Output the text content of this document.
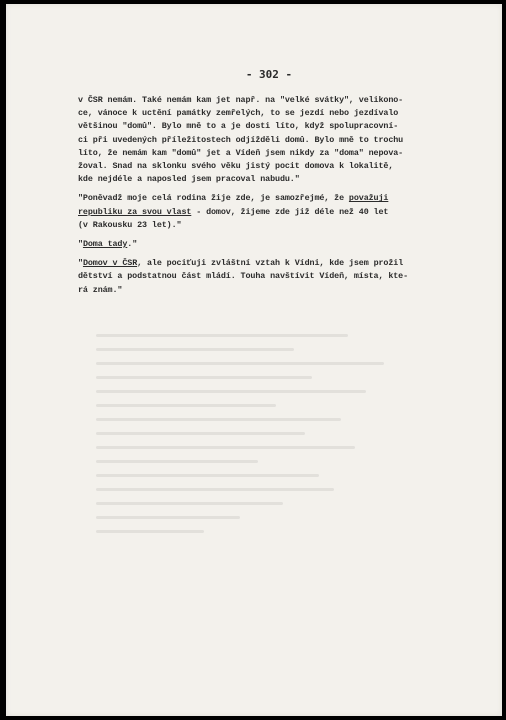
- 302 -
v ČSR nemám. Také nemám kam jet např. na "velké svátky", velikono-
ce, vánoce k uctění památky zemřelých, to se jezdí nebo jezdívalo
většinou "domů". Bylo mně to a je dosti líto, když spolupracovní-
ci při uvedených příležitostech odjížděli domů. Bylo mně to trochu
líto, že nemám kam "domů" jet a Vídeň jsem nikdy za "doma" nepova-
žoval. Snad na sklonku svého věku jistý pocit domova k lokalitě,
kde nejdéle a naposled jsem pracoval nabudu."
"Poněvadž moje celá rodina žije zde, je samozřejmé, že považuji
republiku za svou vlast - domov, žijeme zde již déle než 40 let
(v Rakousku 23 let)."
"Doma tady."
"Domov v ČSR, ale pociťuji zvláštní vztah k Vídni, kde jsem prožil
dětství a podstatnou část mládí. Touha navštívit Vídeň, místa, kte-
rá znám."
